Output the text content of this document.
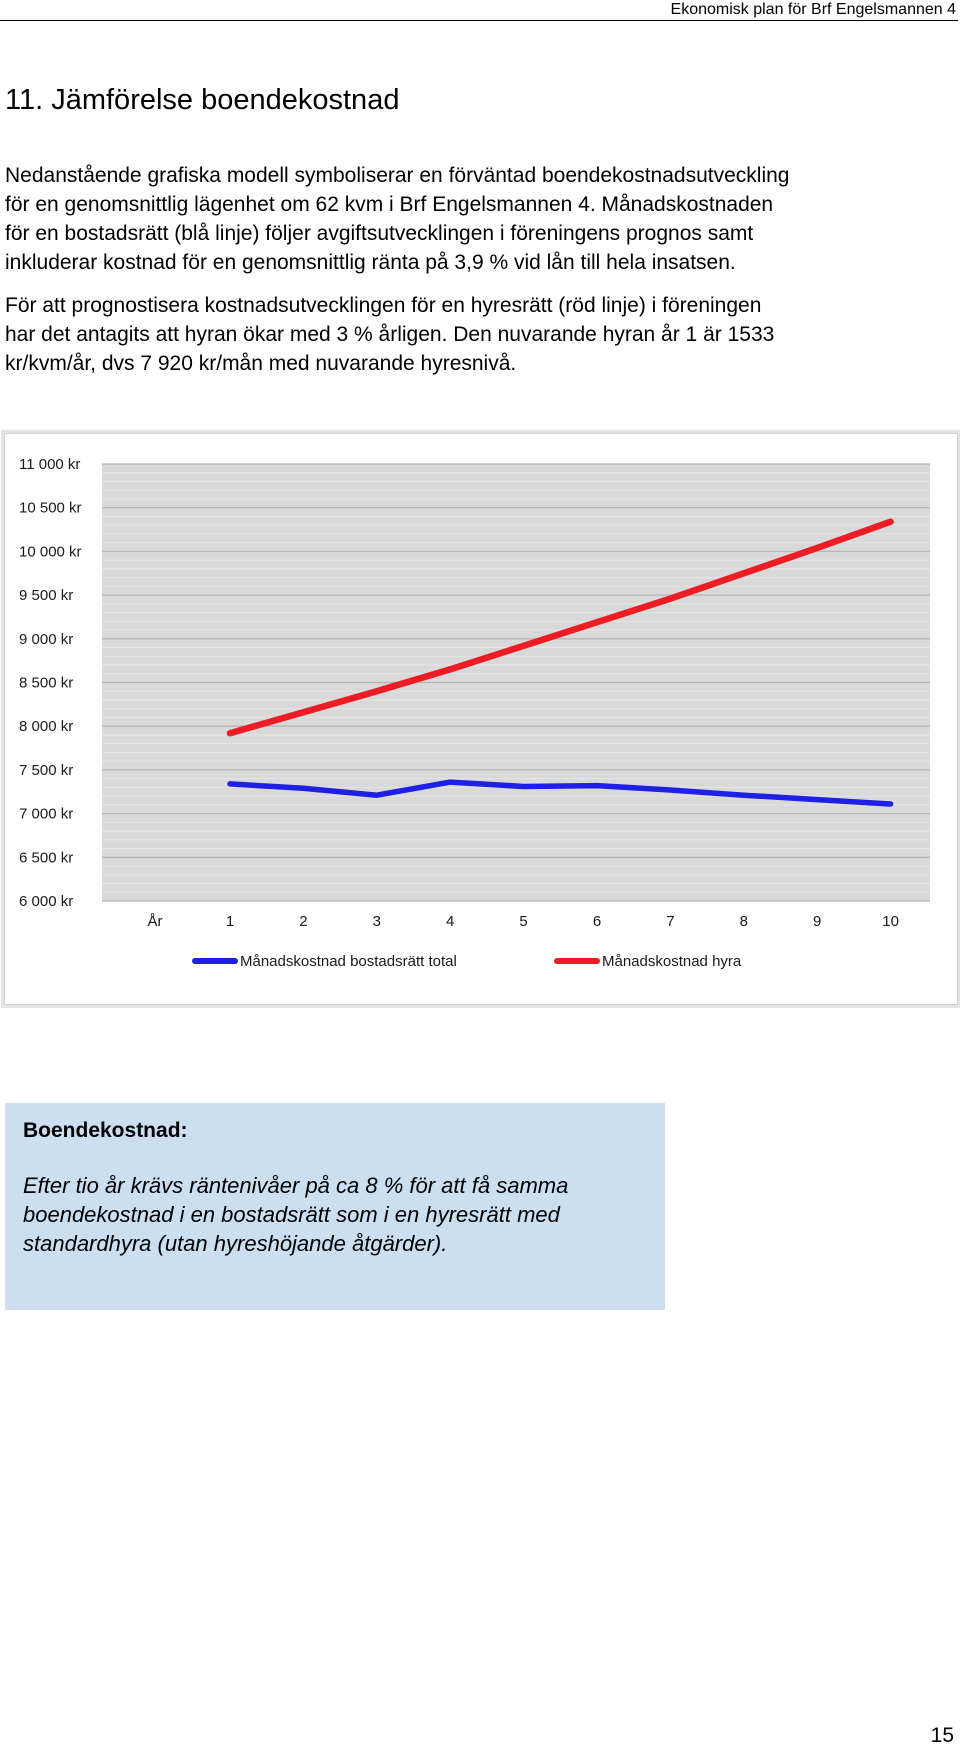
Ekonomisk plan för Brf Engelsmannen 4
11. Jämförelse boendekostnad

Nedanstående grafiska modell symboliserar en förväntad boendekostnadsutveckling
för en genomsnittlig lägenhet om 62 kvm i Brf Engelsmannen 4. Månadskostnaden
för en bostadsrätt (blå linje) följer avgiftsutvecklingen i föreningens prognos samt
inkluderar kostnad för en genomsnittlig ränta på 3,9 % vid lån till hela insatsen.

För att prognostisera kostnadsutvecklingen för en hyresrätt (röd linje) i föreningen
har det antagits att hyran ökar med 3 % årligen. Den nuvarande hyran år 1 är 1533
kr/kvm/år, dvs 7 920 kr/mån med nuvarande hyresnivå.

6 000 kr
6 500 kr
7 000 kr
7 500 kr
8 000 kr
8 500 kr
9 000 kr
9 500 kr
10 000 kr
10 500 kr
11 000 kr
År	1	2	3	4	5	6	7	8	9	10
Månadskostnad bostadsrätt total	Månadskostnad hyra

Boendekostnad:

Efter tio år krävs räntenivåer på ca 8 % för att få samma
boendekostnad i en bostadsrätt som i en hyresrätt med
standardhyra (utan hyreshöjande åtgärder).

15
